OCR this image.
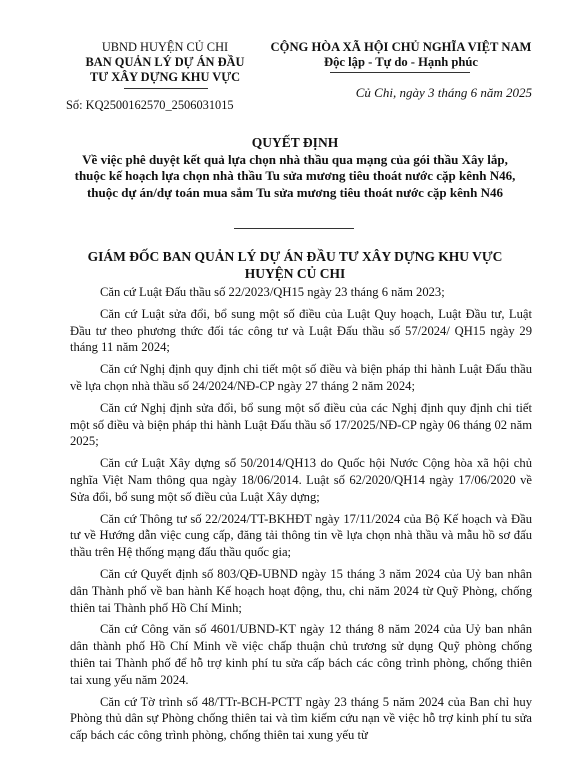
UBND HUYỆN CỦ CHI
BAN QUẢN LÝ DỰ ÁN ĐẦU
TƯ XÂY DỰNG KHU VỰC
Số: KQ2500162570_2506031015
CỘNG HÒA XÃ HỘI CHỦ NGHĨA VIỆT NAM
Độc lập - Tự do - Hạnh phúc
Củ Chi, ngày 3 tháng 6 năm 2025
QUYẾT ĐỊNH
Về việc phê duyệt kết quả lựa chọn nhà thầu qua mạng của gói thầu Xây lắp, thuộc kế hoạch lựa chọn nhà thầu Tu sửa mương tiêu thoát nước cặp kênh N46, thuộc dự án/dự toán mua sắm Tu sửa mương tiêu thoát nước cặp kênh N46
GIÁM ĐỐC BAN QUẢN LÝ DỰ ÁN ĐẦU TƯ XÂY DỰNG KHU VỰC HUYỆN CỦ CHI

Căn cứ Luật Đấu thầu số 22/2023/QH15 ngày 23 tháng 6 năm 2023;

Căn cứ Luật sửa đổi, bổ sung một số điều của Luật Quy hoạch, Luật Đầu tư, Luật Đầu tư theo phương thức đối tác công tư và Luật Đấu thầu số 57/2024/ QH15 ngày 29 tháng 11 năm 2024;

Căn cứ Nghị định quy định chi tiết một số điều và biện pháp thi hành Luật Đấu thầu về lựa chọn nhà thầu số 24/2024/NĐ-CP ngày 27 tháng 2 năm 2024;

Căn cứ Nghị định sửa đổi, bổ sung một số điều của các Nghị định quy định chi tiết một số điều và biện pháp thi hành Luật Đấu thầu số 17/2025/NĐ-CP ngày 06 tháng 02 năm 2025;

Căn cứ Luật Xây dựng số 50/2014/QH13 do Quốc hội Nước Cộng hòa xã hội chủ nghĩa Việt Nam thông qua ngày 18/06/2014. Luật số 62/2020/QH14 ngày 17/06/2020 về Sửa đổi, bổ sung một số điều của Luật Xây dựng;

Căn cứ Thông tư số 22/2024/TT-BKHĐT ngày 17/11/2024 của Bộ Kế hoạch và Đầu tư về Hướng dẫn việc cung cấp, đăng tải thông tin về lựa chọn nhà thầu và mẫu hồ sơ đấu thầu trên Hệ thống mạng đấu thầu quốc gia;

Căn cứ Quyết định số 803/QĐ-UBND ngày 15 tháng 3 năm 2024 của Uỷ ban nhân dân Thành phố về ban hành Kế hoạch hoạt động, thu, chi năm 2024 từ Quỹ Phòng, chống thiên tai Thành phố Hồ Chí Minh;

Căn cứ Công văn số 4601/UBND-KT ngày 12 tháng 8 năm 2024 của Uỷ ban nhân dân thành phố Hồ Chí Minh về việc chấp thuận chủ trương sử dụng Quỹ phòng chống thiên tai Thành phố để hỗ trợ kinh phí tu sửa cấp bách các công trình phòng, chống thiên tai xung yếu năm 2024.

Căn cứ Tờ trình số 48/TTr-BCH-PCTT ngày 23 tháng 5 năm 2024 của Ban chỉ huy Phòng thủ dân sự Phòng chống thiên tai và tìm kiếm cứu nạn về việc hỗ trợ kinh phí tu sửa cấp bách các công trình phòng, chống thiên tai xung yếu từ
